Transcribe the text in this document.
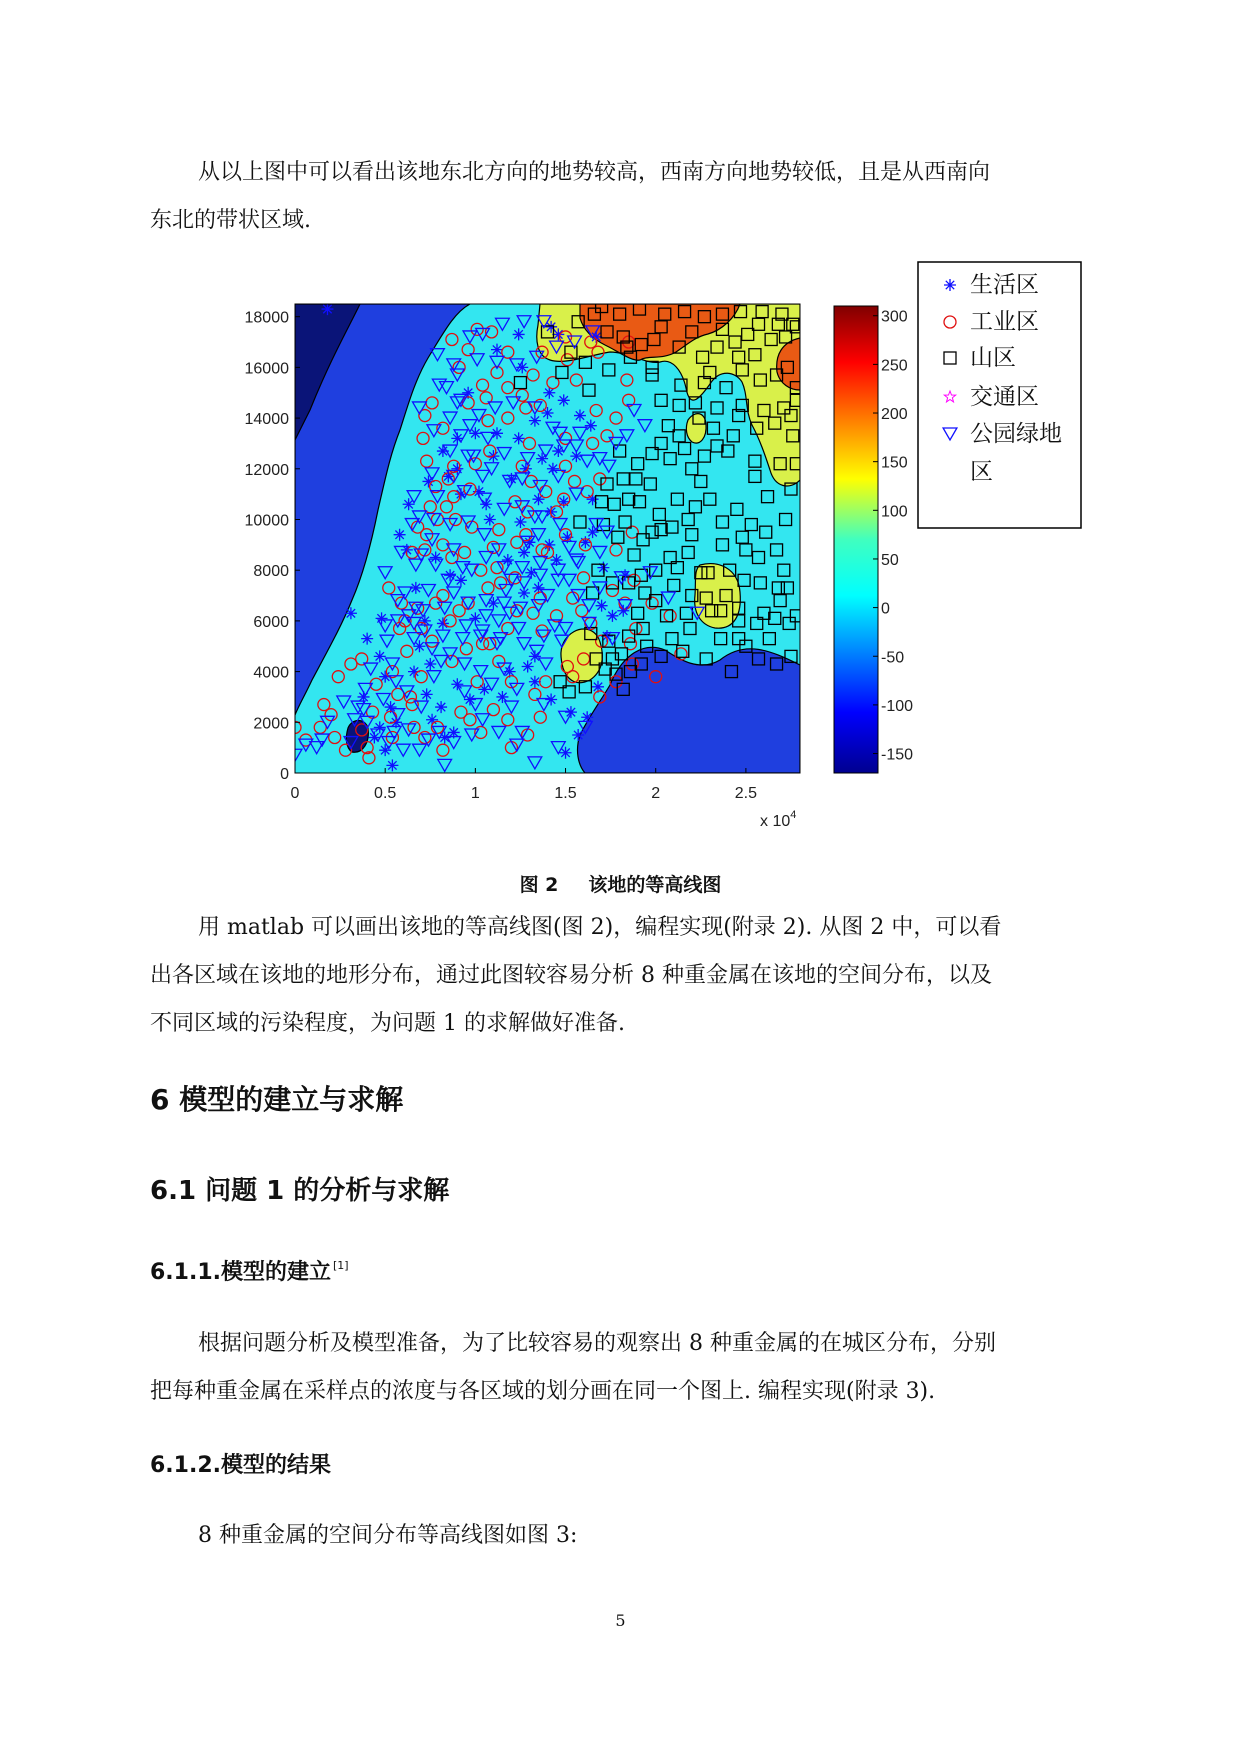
从以上图中可以看出该地东北方向的地势较高，西南方向地势较低，且是从西南向
东北的带状区域.

0	0.5	1	1.5	2	2.5
0
2000
4000
6000
8000
10000
12000
14000
16000
18000
x $10^4$
300
250
200
150
100
50
0
-50
-100
-150
生活区
工业区
山区
交通区
公园绿地
区
图 2 该地的等高线图

用 matlab 可以画出该地的等高线图(图 2)，编程实现(附录 2). 从图 2 中，可以看
出各区域在该地的地形分布，通过此图较容易分析 8 种重金属在该地的空间分布，以及
不同区域的污染程度，为问题 1 的求解做好准备.

6 模型的建立与求解
6.1 问题 1 的分析与求解
6.1.1.模型的建立 [1]

根据问题分析及模型准备，为了比较容易的观察出 8 种重金属的在城区分布，分别
把每种重金属在采样点的浓度与各区域的划分画在同一个图上. 编程实现(附录 3).

6.1.2.模型的结果

8 种重金属的空间分布等高线图如图 3:

5
